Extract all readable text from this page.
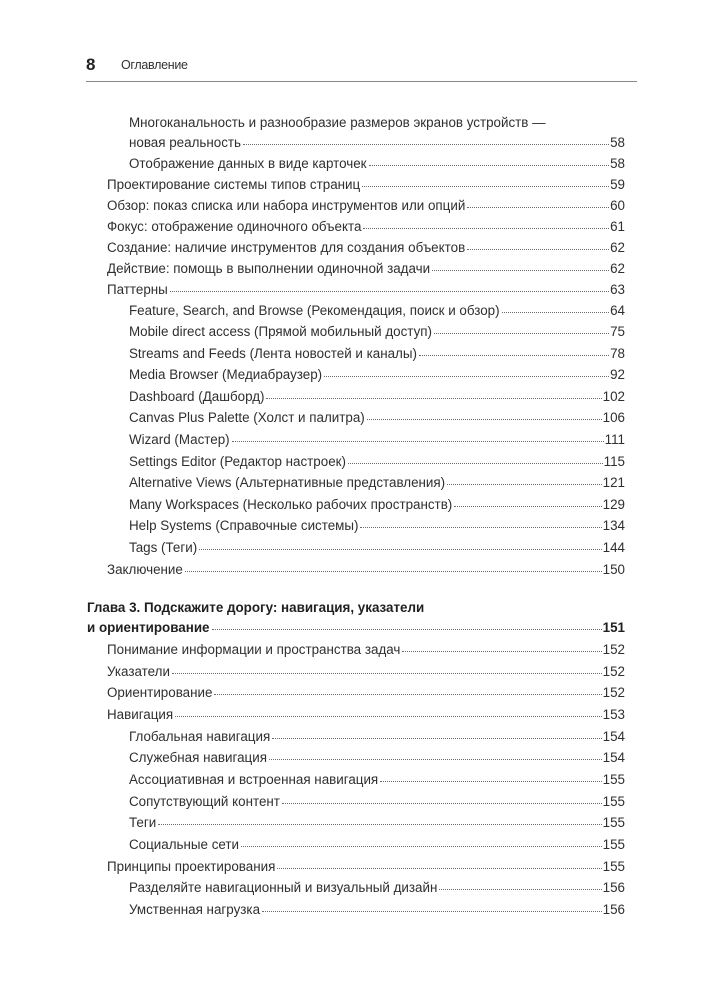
8 Оглавление
Многоканальность и разнообразие размеров экранов устройств —
новая реальность	58
Отображение данных в виде карточек	58
Проектирование системы типов страниц	59
Обзор: показ списка или набора инструментов или опций	60
Фокус: отображение одиночного объекта	61
Создание: наличие инструментов для создания объектов	62
Действие: помощь в выполнении одиночной задачи	62
Паттерны	63
Feature, Search, and Browse (Рекомендация, поиск и обзор)	64
Mobile direct access (Прямой мобильный доступ)	75
Streams and Feeds (Лента новостей и каналы)	78
Media Browser (Медиабраузер)	92
Dashboard (Дашборд)	102
Canvas Plus Palette (Холст и палитра)	106
Wizard (Мастер)	111
Settings Editor (Редактор настроек)	115
Alternative Views (Альтернативные представления)	121
Many Workspaces (Несколько рабочих пространств)	129
Help Systems (Справочные системы)	134
Tags (Теги)	144
Заключение	150
Глава 3. Подскажите дорогу: навигация, указатели
и ориентирование	151
Понимание информации и пространства задач	152
Указатели	152
Ориентирование	152
Навигация	153
Глобальная навигация	154
Служебная навигация	154
Ассоциативная и встроенная навигация	155
Сопутствующий контент	155
Теги	155
Социальные сети	155
Принципы проектирования	155
Разделяйте навигационный и визуальный дизайн	156
Умственная нагрузка	156
